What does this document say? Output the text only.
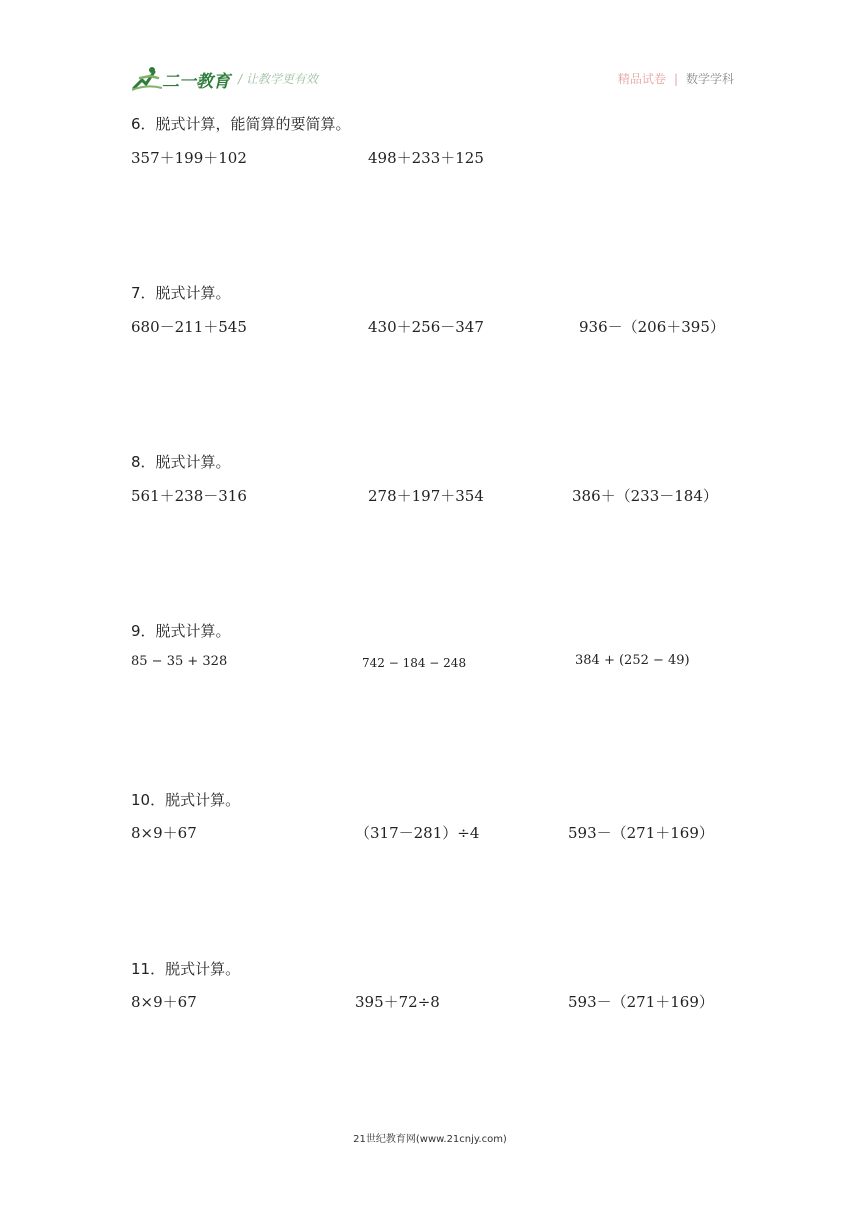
二一教育 / 让教学更有效	精品试卷 | 数学学科
6．脱式计算，能简算的要简算。
357＋199＋102	498＋233＋125
7．脱式计算。
680－211＋545	430＋256－347	936－（206＋395）
8．脱式计算。
561＋238－316	278＋197＋354	386＋（233－184）
9．脱式计算。
85 − 35 + 328	742 − 184 − 248	384 + (252 − 49)
10．脱式计算。
8×9＋67	（317－281）÷4	593－（271＋169）
11．脱式计算。
8×9＋67	395＋72÷8	593－（271＋169）
21世纪教育网(www.21cnjy.com)
